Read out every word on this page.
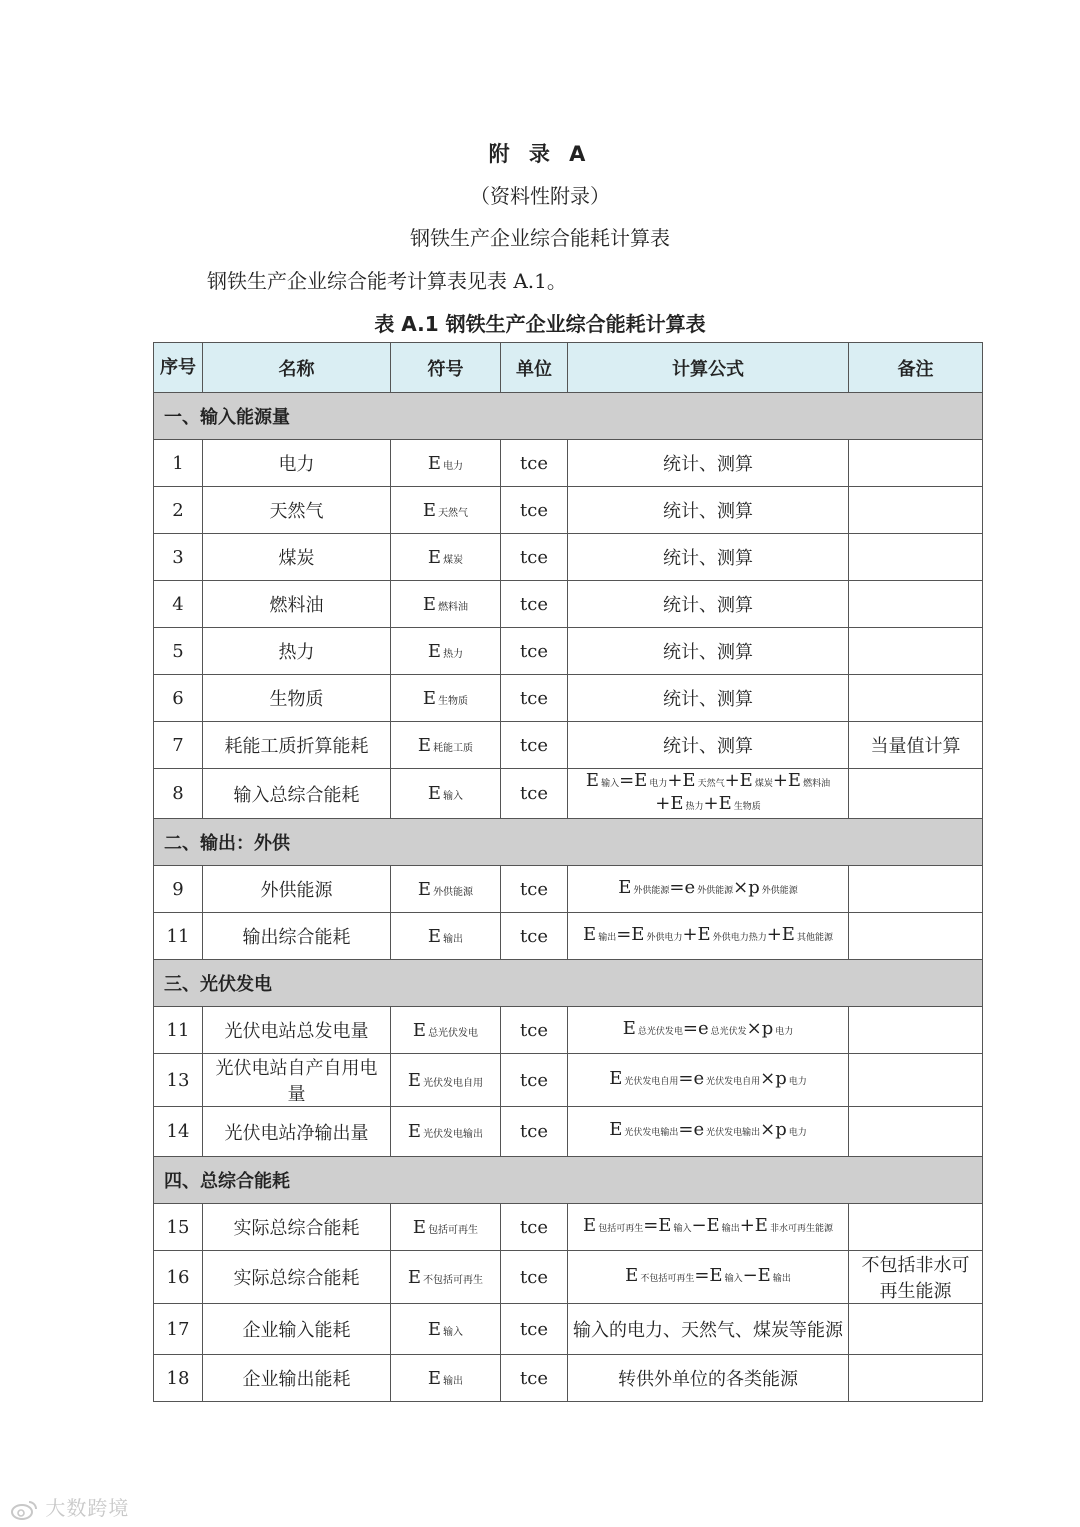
附 录 A
（资料性附录）
钢铁生产企业综合能耗计算表
钢铁生产企业综合能考计算表见表 A.1。
表 A.1 钢铁生产企业综合能耗计算表
序号	名称	符号	单位	计算公式	备注
一、输入能源量					
1	电力	E 电力	tce	统计、测算	
2	天然气	E 天然气	tce	统计、测算	
3	煤炭	E 煤炭	tce	统计、测算	
4	燃料油	E 燃料油	tce	统计、测算	
5	热力	E 热力	tce	统计、测算	
6	生物质	E 生物质	tce	统计、测算	
7	耗能工质折算能耗	E 耗能工质	tce	统计、测算	当量值计算
8	输入总综合能耗	E 输入	tce	E 输入=E 电力+E 天然气+E 煤炭+E 燃料油+E 热力+E 生物质	
二、输出：外供					
9	外供能源	E 外供能源	tce	E 外供能源=e 外供能源×p 外供能源	
11	输出综合能耗	E 输出	tce	E 输出=E 外供电力+E 外供电力热力+E 其他能源	
三、光伏发电					
11	光伏电站总发电量	E 总光伏发电	tce	E 总光伏发电=e 总光伏发×p 电力	
13	光伏电站自产自用电量	E 光伏发电自用	tce	E 光伏发电自用=e 光伏发电自用×p 电力	
14	光伏电站净输出量	E 光伏发电输出	tce	E 光伏发电输出=e 光伏发电输出×p 电力	
四、总综合能耗					
15	实际总综合能耗	E 包括可再生	tce	E 包括可再生=E 输入−E 输出+E 非水可再生能源	
16	实际总综合能耗	E 不包括可再生	tce	E 不包括可再生=E 输入−E 输出	不包括非水可再生能源
17	企业输入能耗	E 输入	tce	输入的电力、天然气、煤炭等能源	
18	企业输出能耗	E 输出	tce	转供外单位的各类能源	
大数跨境
